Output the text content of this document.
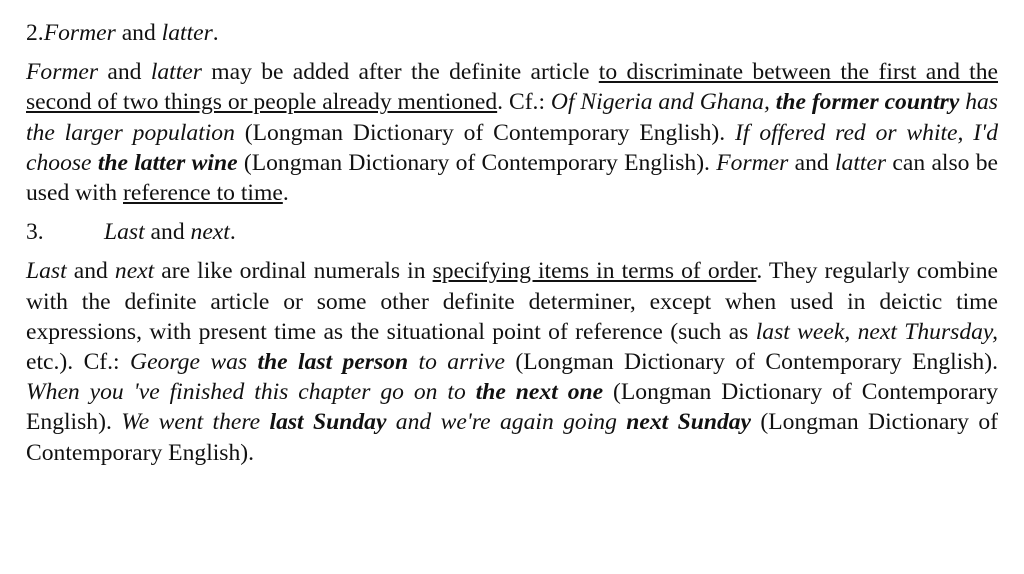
2.Former and latter.

Former and latter may be added after the definite article to discriminate between the first and the second of two things or people already mentioned. Cf.: Of Nigeria and Ghana, the former country has the larger population (Longman Dictionary of Contemporary English). If offered red or white, I'd choose the latter wine (Longman Dictionary of Contemporary English). Former and latter can also be used with reference to time.

3.	Last and next.

Last and next are like ordinal numerals in specifying items in terms of order. They regularly combine with the definite article or some other definite determiner, except when used in deictic time expressions, with present time as the situational point of reference (such as last week, next Thursday, etc.). Cf.: George was the last person to arrive (Longman Dictionary of Contemporary English). When you 've finished this chapter go on to the next one (Longman Dictionary of Contemporary English). We went there last Sunday and we're again going next Sunday (Longman Dictionary of Contemporary English).
